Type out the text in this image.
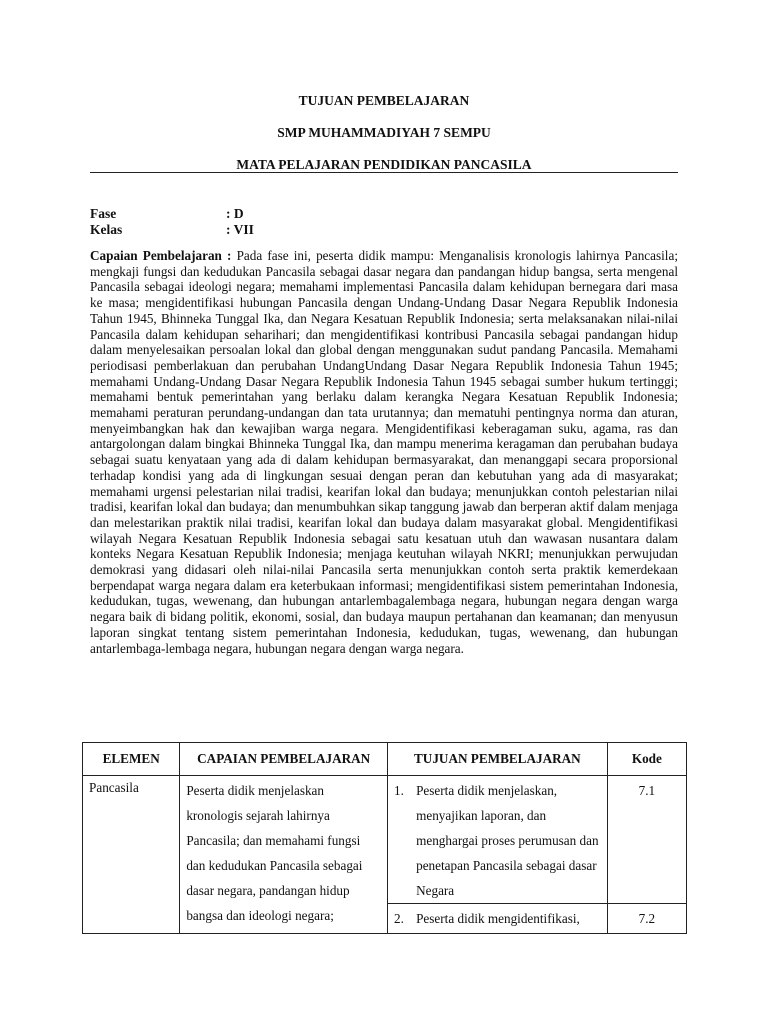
TUJUAN PEMBELAJARAN
SMP MUHAMMADIYAH 7 SEMPU
MATA PELAJARAN PENDIDIKAN PANCASILA
Fase	: D
Kelas	: VII
Capaian Pembelajaran : Pada fase ini, peserta didik mampu: Menganalisis kronologis lahirnya Pancasila; mengkaji fungsi dan kedudukan Pancasila sebagai dasar negara dan pandangan hidup bangsa, serta mengenal Pancasila sebagai ideologi negara; memahami implementasi Pancasila dalam kehidupan bernegara dari masa ke masa; mengidentifikasi hubungan Pancasila dengan Undang-Undang Dasar Negara Republik Indonesia Tahun 1945, Bhinneka Tunggal Ika, dan Negara Kesatuan Republik Indonesia; serta melaksanakan nilai-nilai Pancasila dalam kehidupan seharihari; dan mengidentifikasi kontribusi Pancasila sebagai pandangan hidup dalam menyelesaikan persoalan lokal dan global dengan menggunakan sudut pandang Pancasila. Memahami periodisasi pemberlakuan dan perubahan UndangUndang Dasar Negara Republik Indonesia Tahun 1945; memahami Undang-Undang Dasar Negara Republik Indonesia Tahun 1945 sebagai sumber hukum tertinggi; memahami bentuk pemerintahan yang berlaku dalam kerangka Negara Kesatuan Republik Indonesia; memahami peraturan perundang-undangan dan tata urutannya; dan mematuhi pentingnya norma dan aturan, menyeimbangkan hak dan kewajiban warga negara. Mengidentifikasi keberagaman suku, agama, ras dan antargolongan dalam bingkai Bhinneka Tunggal Ika, dan mampu menerima keragaman dan perubahan budaya sebagai suatu kenyataan yang ada di dalam kehidupan bermasyarakat, dan menanggapi secara proporsional terhadap kondisi yang ada di lingkungan sesuai dengan peran dan kebutuhan yang ada di masyarakat; memahami urgensi pelestarian nilai tradisi, kearifan lokal dan budaya; menunjukkan contoh pelestarian nilai tradisi, kearifan lokal dan budaya; dan menumbuhkan sikap tanggung jawab dan berperan aktif dalam menjaga dan melestarikan praktik nilai tradisi, kearifan lokal dan budaya dalam masyarakat global. Mengidentifikasi wilayah Negara Kesatuan Republik Indonesia sebagai satu kesatuan utuh dan wawasan nusantara dalam konteks Negara Kesatuan Republik Indonesia; menjaga keutuhan wilayah NKRI; menunjukkan perwujudan demokrasi yang didasari oleh nilai-nilai Pancasila serta menunjukkan contoh serta praktik kemerdekaan berpendapat warga negara dalam era keterbukaan informasi; mengidentifikasi sistem pemerintahan Indonesia, kedudukan, tugas, wewenang, dan hubungan antarlembagalembaga negara, hubungan negara dengan warga negara baik di bidang politik, ekonomi, sosial, dan budaya maupun pertahanan dan keamanan; dan menyusun laporan singkat tentang sistem pemerintahan Indonesia, kedudukan, tugas, wewenang, dan hubungan antarlembaga-lembaga negara, hubungan negara dengan warga negara.
ELEMEN	CAPAIAN PEMBELAJARAN	TUJUAN PEMBELAJARAN		Kode
Pancasila	Peserta didik menjelaskan kronologis sejarah lahirnya Pancasila; dan memahami fungsi dan kedudukan Pancasila sebagai dasar negara, pandangan hidup bangsa dan ideologi negara;	1.	Peserta didik menjelaskan, menyajikan laporan, dan menghargai proses perumusan dan penetapan Pancasila sebagai dasar Negara	7.1
		2.	Peserta didik mengidentifikasi,	7.2
